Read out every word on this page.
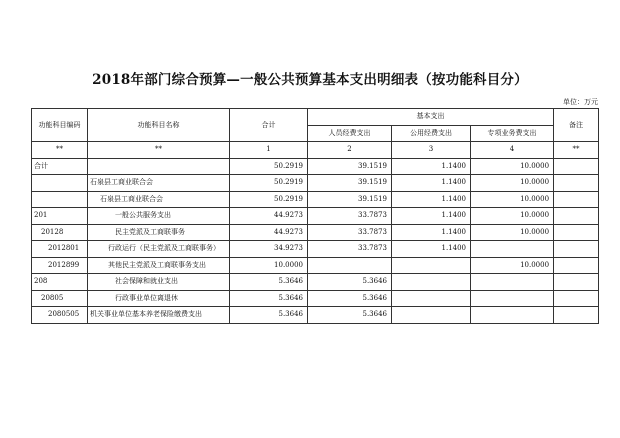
2018年部门综合预算—一般公共预算基本支出明细表（按功能科目分）
单位：万元
功能科目编码	功能科目名称	合计	基本支出			备注
			人员经费支出	公用经费支出	专项业务费支出	
**	**	1	2	3	4	**
合计		50.2919	39.1519	1.1400	10.0000	
	石泉县工商业联合会	50.2919	39.1519	1.1400	10.0000	
	石泉县工商业联合会	50.2919	39.1519	1.1400	10.0000	
201	一般公共服务支出	44.9273	33.7873	1.1400	10.0000	
20128	民主党派及工商联事务	44.9273	33.7873	1.1400	10.0000	
2012801	行政运行（民主党派及工商联事务）	34.9273	33.7873	1.1400		
2012899	其他民主党派及工商联事务支出	10.0000			10.0000	
208	社会保障和就业支出	5.3646	5.3646			
20805	行政事业单位离退休	5.3646	5.3646			
2080505	机关事业单位基本养老保险缴费支出	5.3646	5.3646			
